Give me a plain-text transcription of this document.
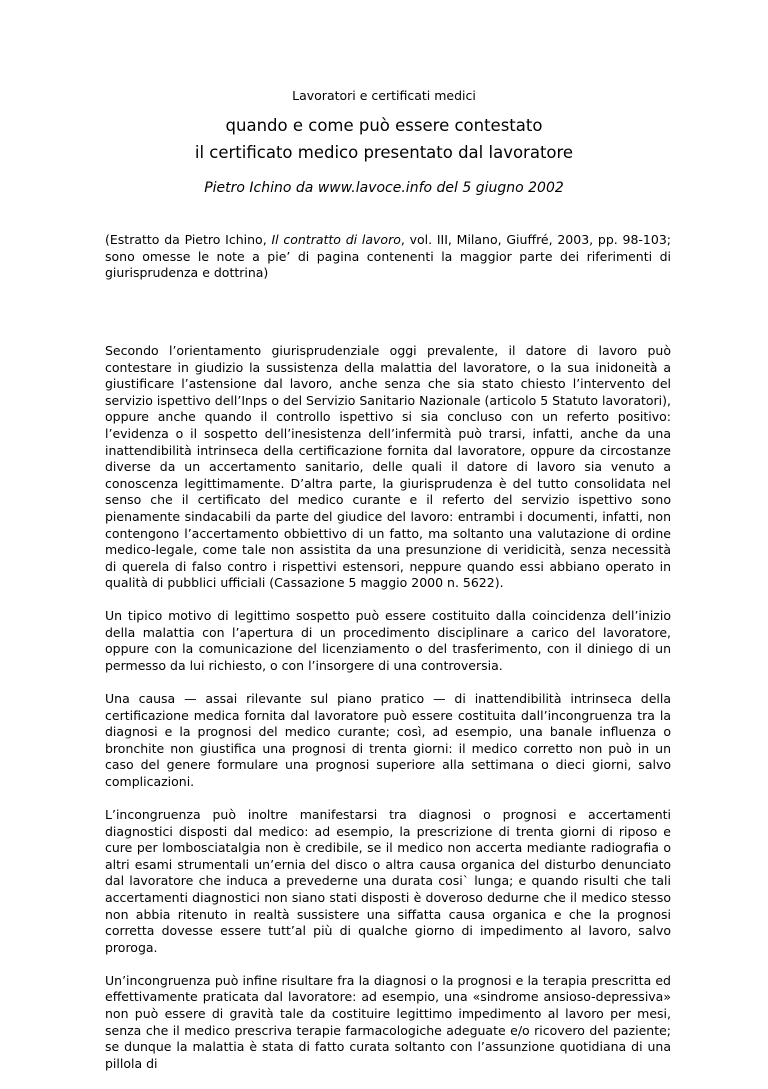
Lavoratori e certificati medici

quando e come può essere contestato

il certificato medico presentato dal lavoratore

Pietro Ichino da www.lavoce.info del 5 giugno 2002

(Estratto da Pietro Ichino, Il contratto di lavoro, vol. III, Milano, Giuffré, 2003, pp. 98-103; sono omesse le note a pie’ di pagina contenenti la maggior parte dei riferimenti di giurisprudenza e dottrina)

Secondo l’orientamento giurisprudenziale oggi prevalente, il datore di lavoro può contestare in giudizio la sussistenza della malattia del lavoratore, o la sua inidoneità a giustificare l’astensione dal lavoro, anche senza che sia stato chiesto l’intervento del servizio ispettivo dell’Inps o del Servizio Sanitario Nazionale (articolo 5 Statuto lavoratori), oppure anche quando il controllo ispettivo si sia concluso con un referto positivo: l’evidenza o il sospetto dell’inesistenza dell’infermità può trarsi, infatti, anche da una inattendibilità intrinseca della certificazione fornita dal lavoratore, oppure da circostanze diverse da un accertamento sanitario, delle quali il datore di lavoro sia venuto a conoscenza legittimamente. D’altra parte, la giurisprudenza è del tutto consolidata nel senso che il certificato del medico curante e il referto del servizio ispettivo sono pienamente sindacabili da parte del giudice del lavoro: entrambi i documenti, infatti, non contengono l’accertamento obbiettivo di un fatto, ma soltanto una valutazione di ordine medico-legale, come tale non assistita da una presunzione di veridicità, senza necessità di querela di falso contro i rispettivi estensori, neppure quando essi abbiano operato in qualità di pubblici ufficiali (Cassazione 5 maggio 2000 n. 5622).

Un tipico motivo di legittimo sospetto può essere costituito dalla coincidenza dell’inizio della malattia con l’apertura di un procedimento disciplinare a carico del lavoratore, oppure con la comunicazione del licenziamento o del trasferimento, con il diniego di un permesso da lui richiesto, o con l’insorgere di una controversia.

Una causa — assai rilevante sul piano pratico — di inattendibilità intrinseca della certificazione medica fornita dal lavoratore può essere costituita dall’incongruenza tra la diagnosi e la prognosi del medico curante; così, ad esempio, una banale influenza o bronchite non giustifica una prognosi di trenta giorni: il medico corretto non può in un caso del genere formulare una prognosi superiore alla settimana o dieci giorni, salvo complicazioni.

L’incongruenza può inoltre manifestarsi tra diagnosi o prognosi e accertamenti diagnostici disposti dal medico: ad esempio, la prescrizione di trenta giorni di riposo e cure per lombosciatalgia non è credibile, se il medico non accerta mediante radiografia o altri esami strumentali un’ernia del disco o altra causa organica del disturbo denunciato dal lavoratore che induca a prevederne una durata cosi` lunga; e quando risulti che tali accertamenti diagnostici non siano stati disposti è doveroso dedurne che il medico stesso non abbia ritenuto in realtà sussistere una siffatta causa organica e che la prognosi corretta dovesse essere tutt’al più di qualche giorno di impedimento al lavoro, salvo proroga.

Un’incongruenza può infine risultare fra la diagnosi o la prognosi e la terapia prescritta ed effettivamente praticata dal lavoratore: ad esempio, una «sindrome ansioso-depressiva» non può essere di gravità tale da costituire legittimo impedimento al lavoro per mesi, senza che il medico prescriva terapie farmacologiche adeguate e/o ricovero del paziente; se dunque la malattia è stata di fatto curata soltanto con l’assunzione quotidiana di una pillola di
